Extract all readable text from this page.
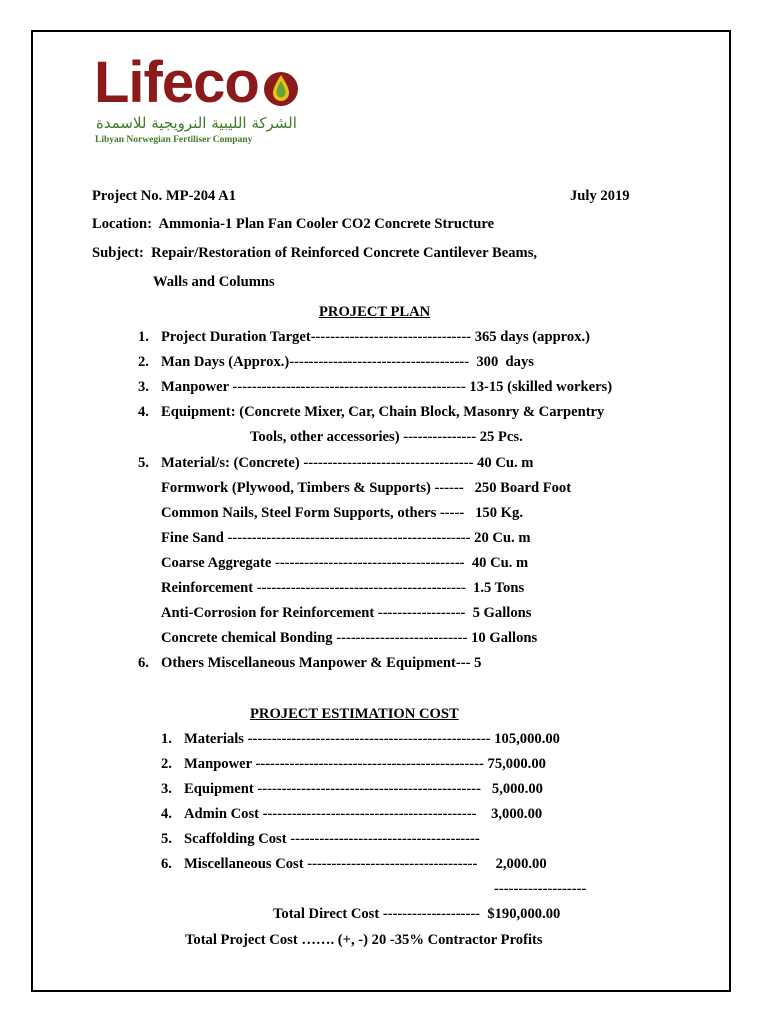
Lifeco
الشركة الليبية النرويجية للاسمدة
Libyan Norwegian Fertiliser Company
Project No. MP-204 A1	July 2019
Location:  Ammonia-1 Plan Fan Cooler CO2 Concrete Structure
Subject:  Repair/Restoration of Reinforced Concrete Cantilever Beams,
Walls and Columns
PROJECT PLAN
1. Project Duration Target--------------------------------- 365 days (approx.)
2. Man Days (Approx.)-------------------------------------  300  days
3. Manpower ------------------------------------------------ 13-15 (skilled workers)
4. Equipment: (Concrete Mixer, Car, Chain Block, Masonry & Carpentry
Tools, other accessories) --------------- 25 Pcs.
5. Material/s: (Concrete) ----------------------------------- 40 Cu. m
Formwork (Plywood, Timbers & Supports) ------   250 Board Foot
Common Nails, Steel Form Supports, others -----   150 Kg.
Fine Sand -------------------------------------------------- 20 Cu. m
Coarse Aggregate ---------------------------------------  40 Cu. m
Reinforcement -------------------------------------------  1.5 Tons
Anti-Corrosion for Reinforcement ------------------  5 Gallons
Concrete chemical Bonding --------------------------- 10 Gallons
6. Others Miscellaneous Manpower & Equipment--- 5
PROJECT ESTIMATION COST
1. Materials -------------------------------------------------- 105,000.00
2. Manpower ----------------------------------------------- 75,000.00
3. Equipment ----------------------------------------------   5,000.00
4. Admin Cost --------------------------------------------    3,000.00
5. Scaffolding Cost ---------------------------------------
6. Miscellaneous Cost -----------------------------------     2,000.00
-------------------
Total Direct Cost --------------------  $190,000.00
Total Project Cost ……. (+, -) 20 -35% Contractor Profits
